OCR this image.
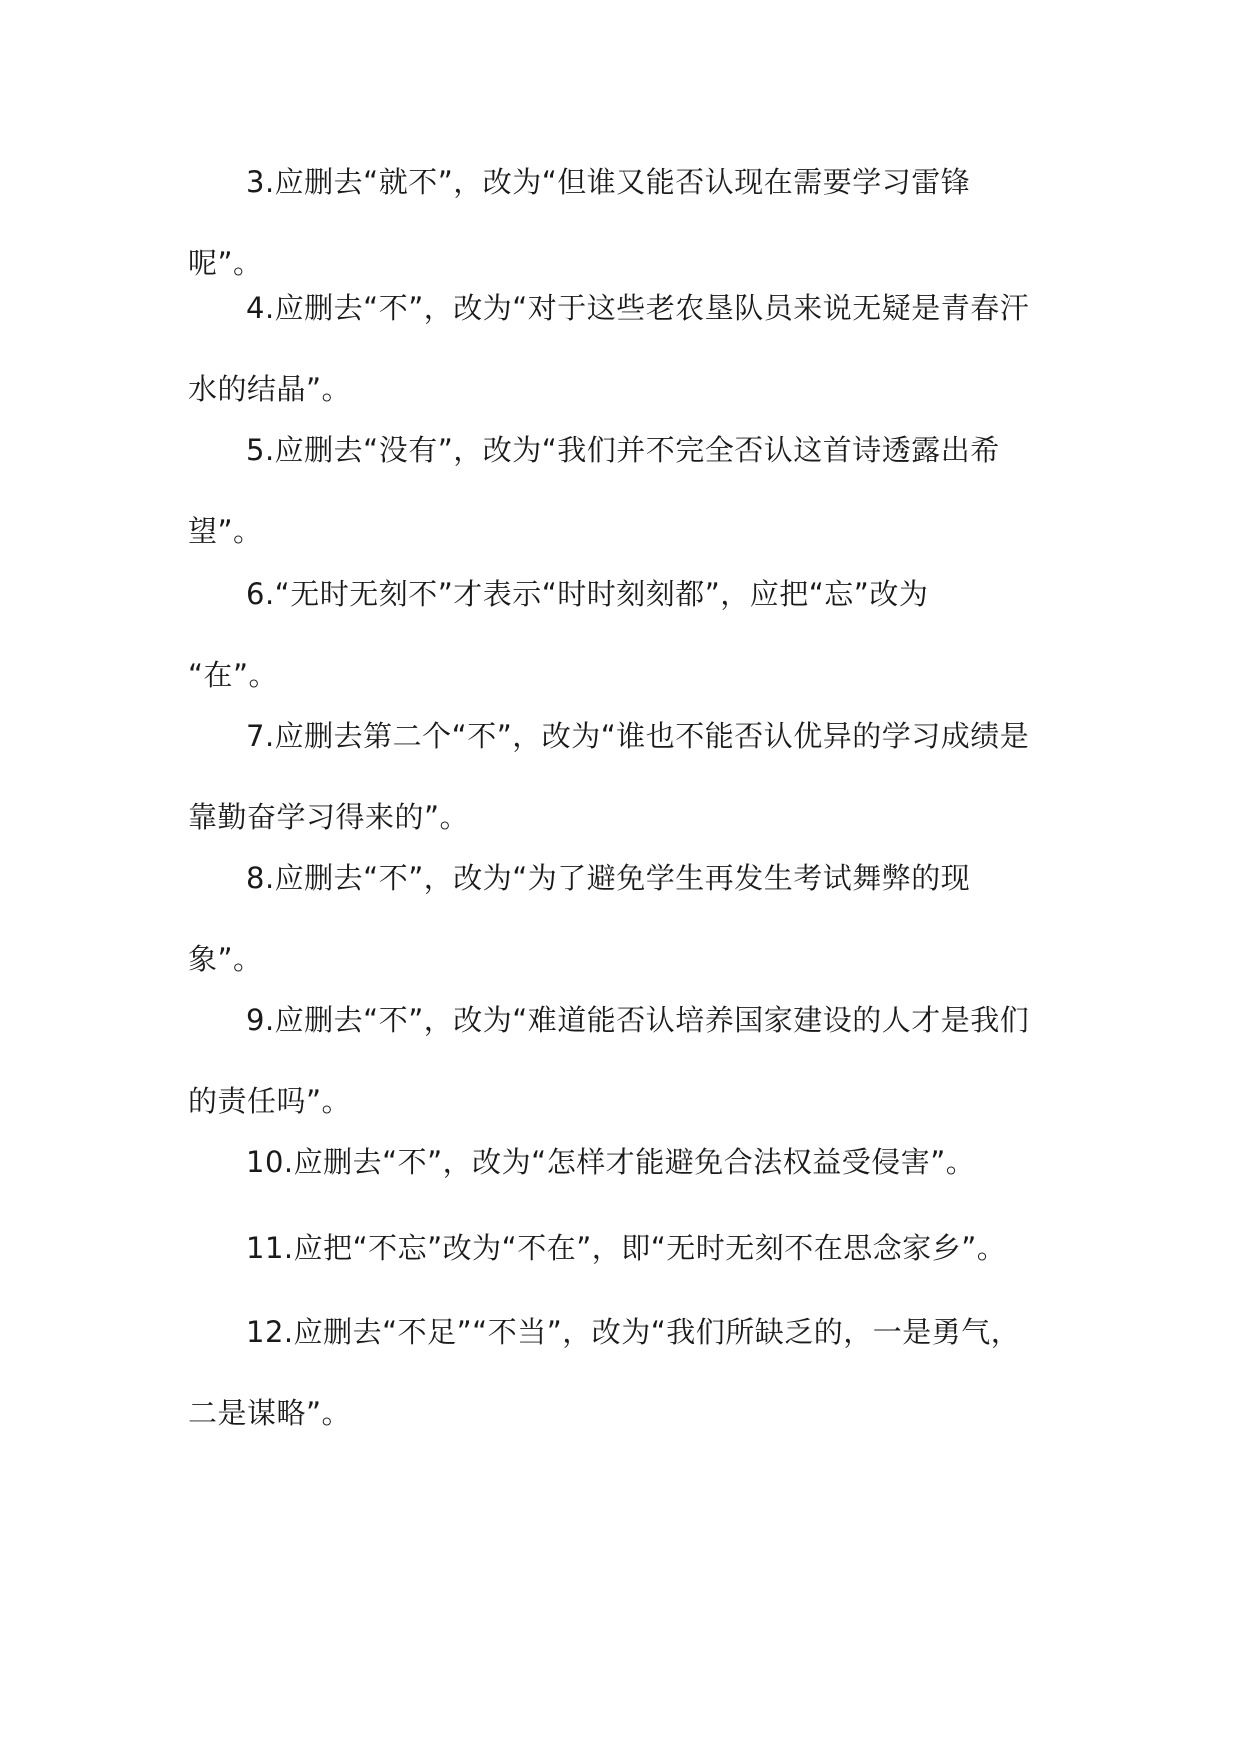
3.应删去“就不”，改为“但谁又能否认现在需要学习雷锋
呢”。
4.应删去“不”，改为“对于这些老农垦队员来说无疑是青春汗
水的结晶”。
5.应删去“没有”，改为“我们并不完全否认这首诗透露出希
望”。
6.“无时无刻不”才表示“时时刻刻都”，应把“忘”改为
“在”。
7.应删去第二个“不”，改为“谁也不能否认优异的学习成绩是
靠勤奋学习得来的”。
8.应删去“不”，改为“为了避免学生再发生考试舞弊的现
象”。
9.应删去“不”，改为“难道能否认培养国家建设的人才是我们
的责任吗”。
10.应删去“不”，改为“怎样才能避免合法权益受侵害”。
11.应把“不忘”改为“不在”，即“无时无刻不在思念家乡”。
12.应删去“不足”“不当”，改为“我们所缺乏的，一是勇气，
二是谋略”。
